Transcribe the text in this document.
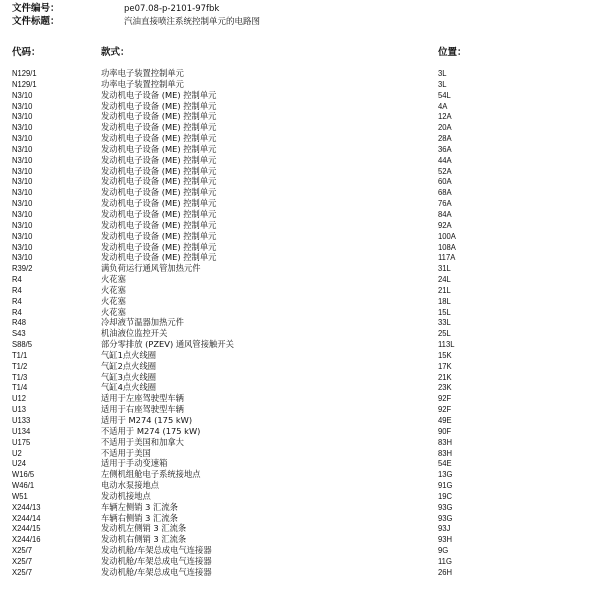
文件编号：	pe07.08-p-2101-97fbk
文件标题：	汽油直接喷注系统控制单元的电路图
代码：	款式：	位置：
N129/1	功率电子装置控制单元	3L
N129/1	功率电子装置控制单元	3L
N3/10	发动机电子设备 (ME) 控制单元	54L
N3/10	发动机电子设备 (ME) 控制单元	4A
N3/10	发动机电子设备 (ME) 控制单元	12A
N3/10	发动机电子设备 (ME) 控制单元	20A
N3/10	发动机电子设备 (ME) 控制单元	28A
N3/10	发动机电子设备 (ME) 控制单元	36A
N3/10	发动机电子设备 (ME) 控制单元	44A
N3/10	发动机电子设备 (ME) 控制单元	52A
N3/10	发动机电子设备 (ME) 控制单元	60A
N3/10	发动机电子设备 (ME) 控制单元	68A
N3/10	发动机电子设备 (ME) 控制单元	76A
N3/10	发动机电子设备 (ME) 控制单元	84A
N3/10	发动机电子设备 (ME) 控制单元	92A
N3/10	发动机电子设备 (ME) 控制单元	100A
N3/10	发动机电子设备 (ME) 控制单元	108A
N3/10	发动机电子设备 (ME) 控制单元	117A
R39/2	满负荷运行通风管加热元件	31L
R4	火花塞	24L
R4	火花塞	21L
R4	火花塞	18L
R4	火花塞	15L
R48	冷却液节温器加热元件	33L
S43	机油液位监控开关	25L
S88/5	部分零排放 (PZEV) 通风管接触开关	113L
T1/1	气缸1点火线圈	15K
T1/2	气缸2点火线圈	17K
T1/3	气缸3点火线圈	21K
T1/4	气缸4点火线圈	23K
U12	适用于左座驾驶型车辆	92F
U13	适用于右座驾驶型车辆	92F
U133	适用于 M274 (175 kW)	49E
U134	不适用于 M274 (175 kW)	90F
U175	不适用于美国和加拿大	83H
U2	不适用于美国	83H
U24	适用于手动变速箱	54E
W16/5	左侧机组舱电子系统接地点	13G
W46/1	电动水泵接地点	91G
W51	发动机接地点	19C
X244/13	车辆左侧销 3 汇流条	93G
X244/14	车辆右侧销 3 汇流条	93G
X244/15	发动机左侧销 3 汇流条	93J
X244/16	发动机右侧销 3 汇流条	93H
X25/7	发动机舱/车架总成电气连接器	9G
X25/7	发动机舱/车架总成电气连接器	11G
X25/7	发动机舱/车架总成电气连接器	26H
